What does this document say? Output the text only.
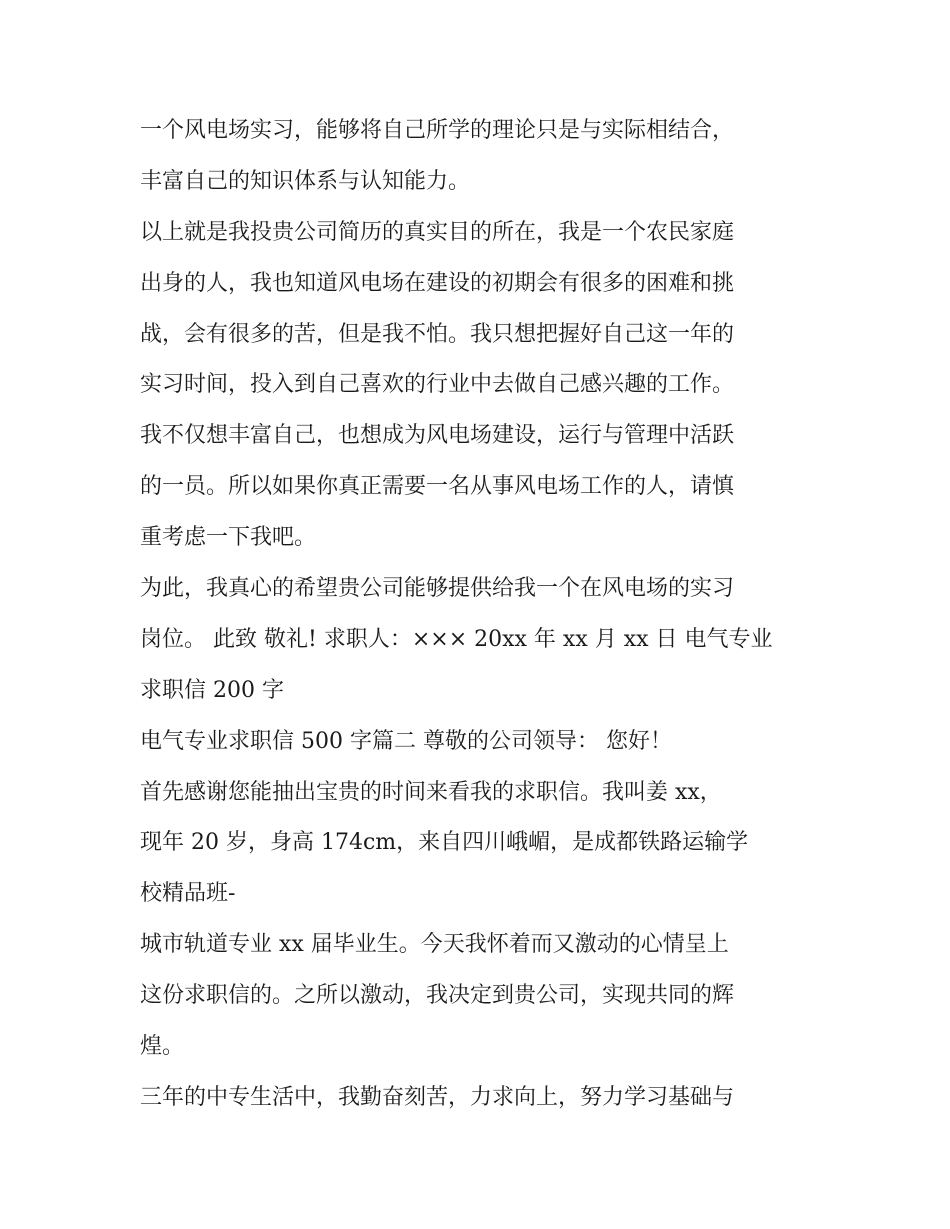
一个风电场实习，能够将自己所学的理论只是与实际相结合，
丰富自己的知识体系与认知能力。
以上就是我投贵公司简历的真实目的所在，我是一个农民家庭
出身的人，我也知道风电场在建设的初期会有很多的困难和挑
战，会有很多的苦，但是我不怕。我只想把握好自己这一年的
实习时间，投入到自己喜欢的行业中去做自己感兴趣的工作。
我不仅想丰富自己，也想成为风电场建设，运行与管理中活跃
的一员。所以如果你真正需要一名从事风电场工作的人，请慎
重考虑一下我吧。
为此，我真心的希望贵公司能够提供给我一个在风电场的实习
岗位。 此致 敬礼! 求职人：××× 20xx 年 xx 月 xx 日 电气专业
求职信 200 字
电气专业求职信 500 字篇二 尊敬的公司领导： 您好！
首先感谢您能抽出宝贵的时间来看我的求职信。我叫姜 xx，
现年 20 岁，身高 174cm，来自四川峨嵋，是成都铁路运输学
校精品班-
城市轨道专业 xx 届毕业生。今天我怀着而又激动的心情呈上
这份求职信的。之所以激动，我决定到贵公司，实现共同的辉
煌。
三年的中专生活中，我勤奋刻苦，力求向上，努力学习基础与
